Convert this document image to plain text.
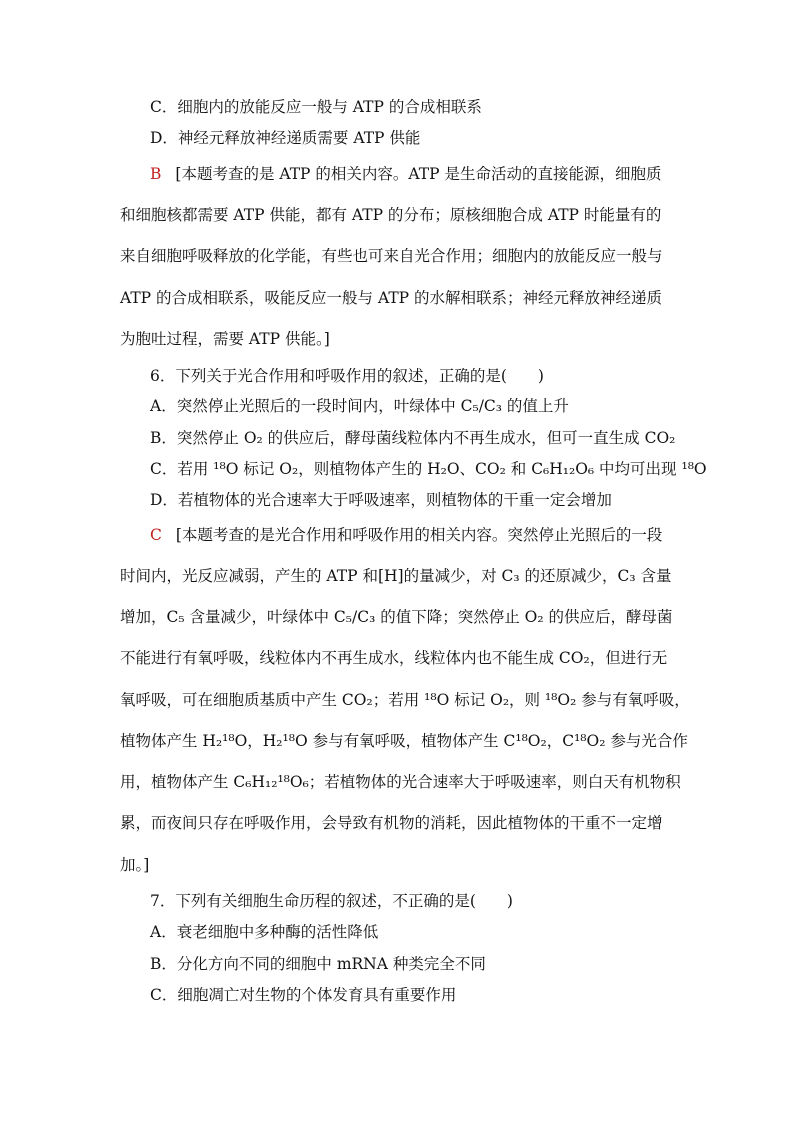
C．细胞内的放能反应一般与 ATP 的合成相联系
D．神经元释放神经递质需要 ATP 供能
B [本题考查的是 ATP 的相关内容。ATP 是生命活动的直接能源，细胞质
和细胞核都需要 ATP 供能，都有 ATP 的分布；原核细胞合成 ATP 时能量有的
来自细胞呼吸释放的化学能，有些也可来自光合作用；细胞内的放能反应一般与
ATP 的合成相联系，吸能反应一般与 ATP 的水解相联系；神经元释放神经递质
为胞吐过程，需要 ATP 供能。]
6．下列关于光合作用和呼吸作用的叙述，正确的是(　　)
A．突然停止光照后的一段时间内，叶绿体中 C₅/C₃ 的值上升
B．突然停止 O₂ 的供应后，酵母菌线粒体内不再生成水，但可一直生成 CO₂
C．若用 ¹⁸O 标记 O₂，则植物体产生的 H₂O、CO₂ 和 C₆H₁₂O₆ 中均可出现 ¹⁸O
D．若植物体的光合速率大于呼吸速率，则植物体的干重一定会增加
C [本题考查的是光合作用和呼吸作用的相关内容。突然停止光照后的一段
时间内，光反应减弱，产生的 ATP 和[H]的量减少，对 C₃ 的还原减少，C₃ 含量
增加，C₅ 含量减少，叶绿体中 C₅/C₃ 的值下降；突然停止 O₂ 的供应后，酵母菌
不能进行有氧呼吸，线粒体内不再生成水，线粒体内也不能生成 CO₂，但进行无
氧呼吸，可在细胞质基质中产生 CO₂；若用 ¹⁸O 标记 O₂，则 ¹⁸O₂ 参与有氧呼吸，
植物体产生 H₂¹⁸O，H₂¹⁸O 参与有氧呼吸，植物体产生 C¹⁸O₂，C¹⁸O₂ 参与光合作
用，植物体产生 C₆H₁₂¹⁸O₆；若植物体的光合速率大于呼吸速率，则白天有机物积
累，而夜间只存在呼吸作用，会导致有机物的消耗，因此植物体的干重不一定增
加。]
7．下列有关细胞生命历程的叙述，不正确的是(　　)
A．衰老细胞中多种酶的活性降低
B．分化方向不同的细胞中 mRNA 种类完全不同
C．细胞凋亡对生物的个体发育具有重要作用
